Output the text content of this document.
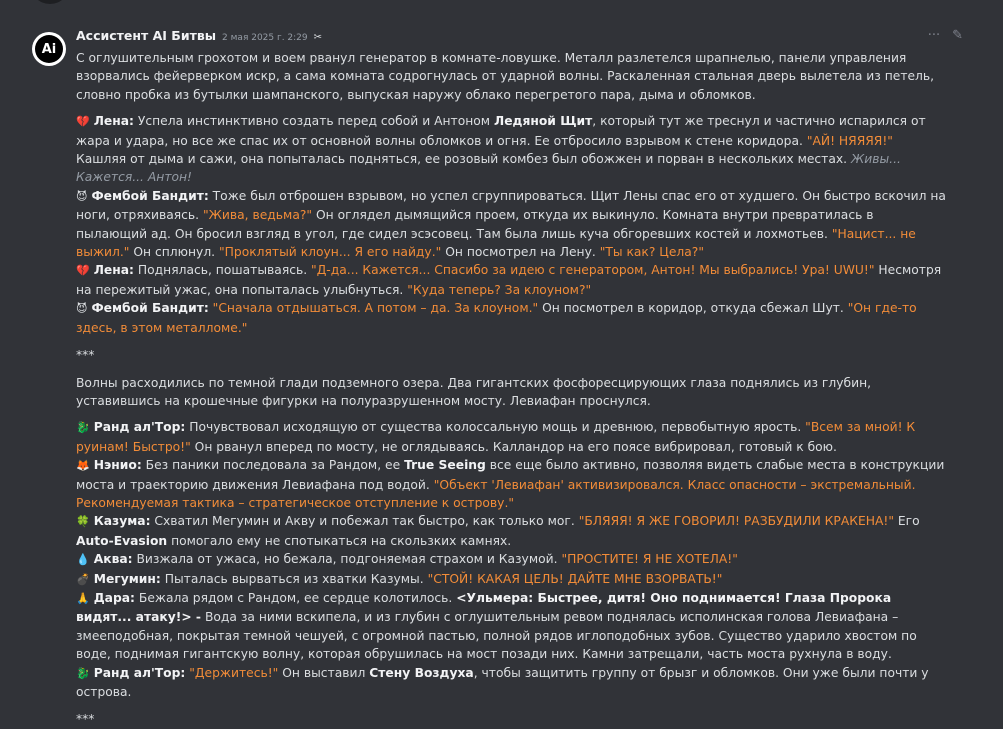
Ai
Ассистент AI Битвы 2 мая 2025 г. 2:29 ✂	··· ✎

С оглушительным грохотом и воем рванул генератор в комнате-ловушке. Металл разлетелся шрапнелью, панели управления взорвались фейерверком искр, а сама комната содрогнулась от ударной волны. Раскаленная стальная дверь вылетела из петель, словно пробка из бутылки шампанского, выпуская наружу облако перегретого пара, дыма и обломков.

💔 Лена: Успела инстинктивно создать перед собой и Антоном Ледяной Щит, который тут же треснул и частично испарился от жара и удара, но все же спас их от основной волны обломков и огня. Ее отбросило взрывом к стене коридора. "АЙ! НЯЯЯЯ!" Кашляя от дыма и сажи, она попыталась подняться, ее розовый комбез был обожжен и порван в нескольких местах. Живы... Кажется... Антон!

😈 Фембой Бандит: Тоже был отброшен взрывом, но успел сгруппироваться. Щит Лены спас его от худшего. Он быстро вскочил на ноги, отряхиваясь. "Жива, ведьма?" Он оглядел дымящийся проем, откуда их выкинуло. Комната внутри превратилась в пылающий ад. Он бросил взгляд в угол, где сидел эсэсовец. Там была лишь куча обгоревших костей и лохмотьев. "Нацист... не выжил." Он сплюнул. "Проклятый клоун... Я его найду." Он посмотрел на Лену. "Ты как? Цела?"

💔 Лена: Поднялась, пошатываясь. "Д-да... Кажется... Спасибо за идею с генератором, Антон! Мы выбрались! Ура! UWU!" Несмотря на пережитый ужас, она попыталась улыбнуться. "Куда теперь? За клоуном?"

😈 Фембой Бандит: "Сначала отдышаться. А потом – да. За клоуном." Он посмотрел в коридор, откуда сбежал Шут. "Он где-то здесь, в этом металломе."

***

Волны расходились по темной глади подземного озера. Два гигантских фосфоресцирующих глаза поднялись из глубин, уставившись на крошечные фигурки на полуразрушенном мосту. Левиафан проснулся.

🐉 Ранд ал'Тор: Почувствовал исходящую от существа колоссальную мощь и древнюю, первобытную ярость. "Всем за мной! К руинам! Быстро!" Он рванул вперед по мосту, не оглядываясь. Калландор на его поясе вибрировал, готовый к бою.

🦊 Нэнио: Без паники последовала за Рандом, ее True Seeing все еще было активно, позволяя видеть слабые места в конструкции моста и траекторию движения Левиафана под водой. "Объект 'Левиафан' активизировался. Класс опасности – экстремальный. Рекомендуемая тактика – стратегическое отступление к острову."

🍀 Казума: Схватил Мегумин и Акву и побежал так быстро, как только мог. "БЛЯЯЯ! Я ЖЕ ГОВОРИЛ! РАЗБУДИЛИ КРАКЕНА!" Его Auto-Evasion помогало ему не спотыкаться на скользких камнях.

💧 Аква: Визжала от ужаса, но бежала, подгоняемая страхом и Казумой. "ПРОСТИТЕ! Я НЕ ХОТЕЛА!"

💣 Мегумин: Пыталась вырваться из хватки Казумы. "СТОЙ! КАКАЯ ЦЕЛЬ! ДАЙТЕ МНЕ ВЗОРВАТЬ!"

🙏 Дара: Бежала рядом с Рандом, ее сердце колотилось. <Ульмера: Быстрее, дитя! Оно поднимается! Глаза Пророка видят... атаку!> - Вода за ними вскипела, и из глубин с оглушительным ревом поднялась исполинская голова Левиафана – змееподобная, покрытая темной чешуей, с огромной пастью, полной рядов иглоподобных зубов. Существо ударило хвостом по воде, поднимая гигантскую волну, которая обрушилась на мост позади них. Камни затрещали, часть моста рухнула в воду.

🐉 Ранд ал'Тор: "Держитесь!" Он выставил Стену Воздуха, чтобы защитить группу от брызг и обломков. Они уже были почти у острова.

***
